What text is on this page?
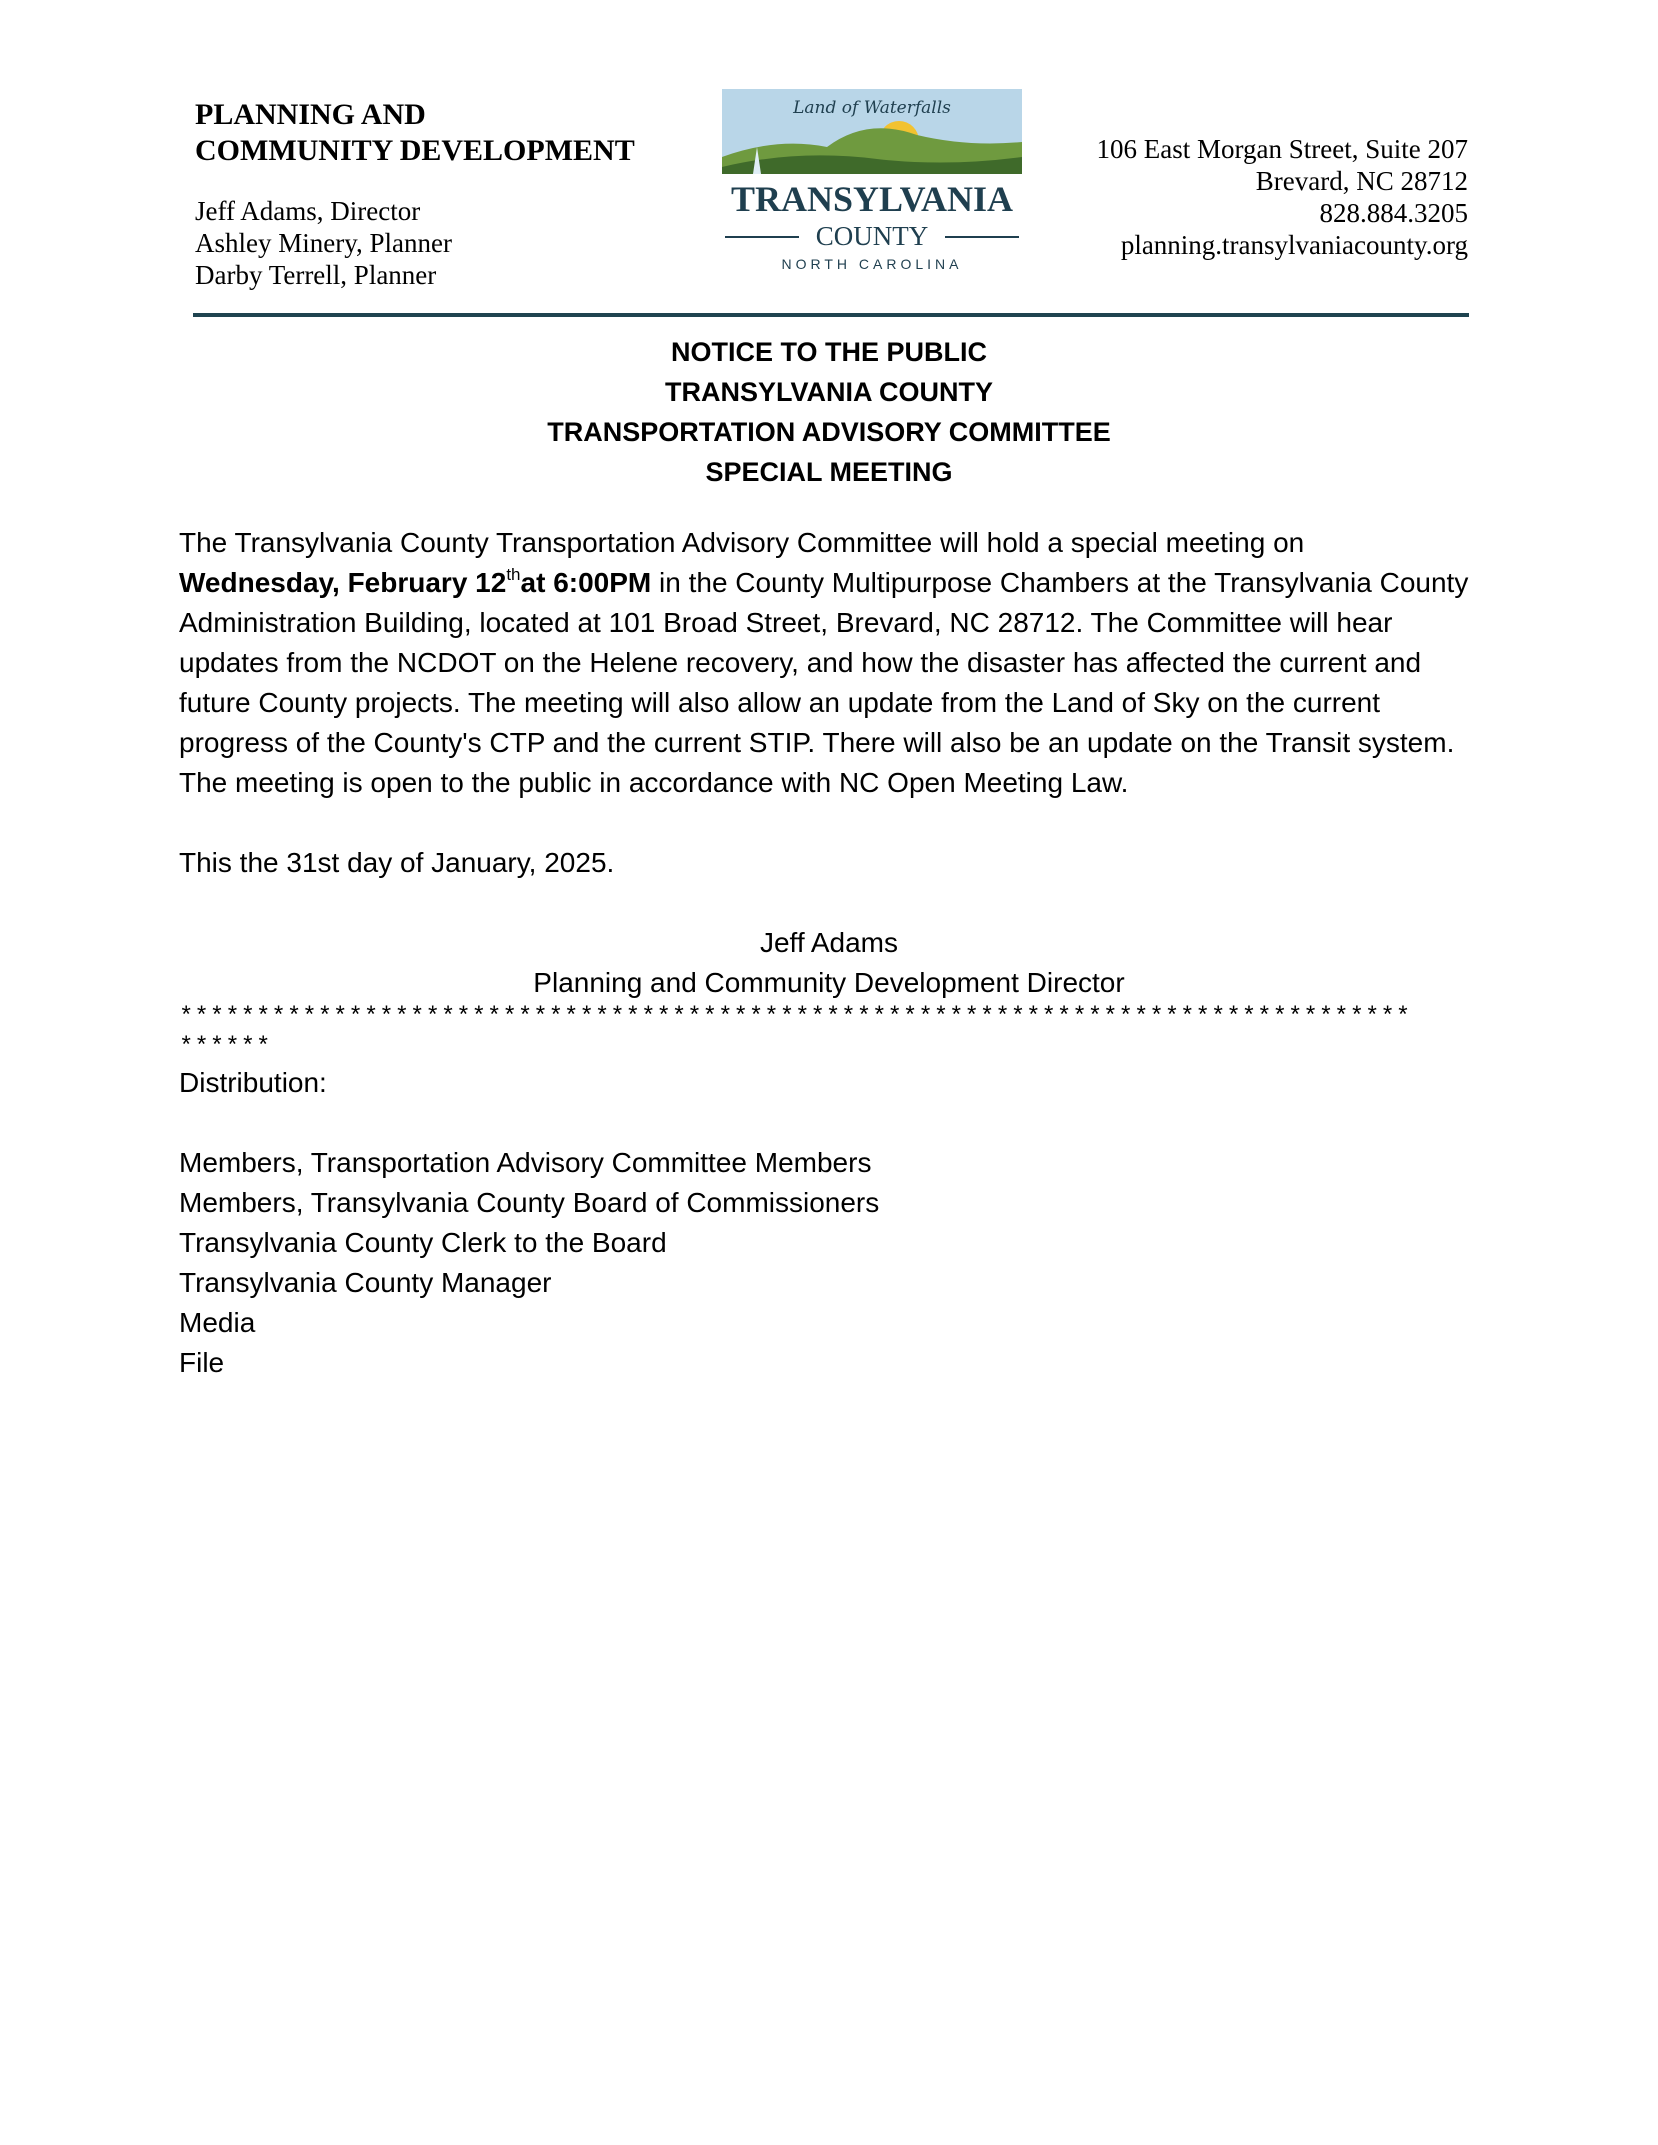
PLANNING AND
COMMUNITY DEVELOPMENT
Jeff Adams, Director
Ashley Minery, Planner
Darby Terrell, Planner
Land of Waterfalls
TRANSYLVANIA
COUNTY
NORTH CAROLINA
106 East Morgan Street, Suite 207
Brevard, NC 28712
828.884.3205
planning.transylvaniacounty.org
NOTICE TO THE PUBLIC
TRANSYLVANIA COUNTY
TRANSPORTATION ADVISORY COMMITTEE
SPECIAL MEETING

The Transylvania County Transportation Advisory Committee will hold a special meeting on
Wednesday, February 12that 6:00PM in the County Multipurpose Chambers at the Transylvania County Administration Building, located at 101 Broad Street, Brevard, NC 28712. The Committee will hear updates from the NCDOT on the Helene recovery, and how the disaster has affected the current and future County projects. The meeting will also allow an update from the Land of Sky on the current progress of the County's CTP and the current STIP. There will also be an update on the Transit system. The meeting is open to the public in accordance with NC Open Meeting Law.

This the 31st day of January, 2025.

Jeff Adams

Planning and Community Development Director

********************************************************************************
******

Distribution:

Members, Transportation Advisory Committee Members

Members, Transylvania County Board of Commissioners

Transylvania County Clerk to the Board

Transylvania County Manager

Media

File
